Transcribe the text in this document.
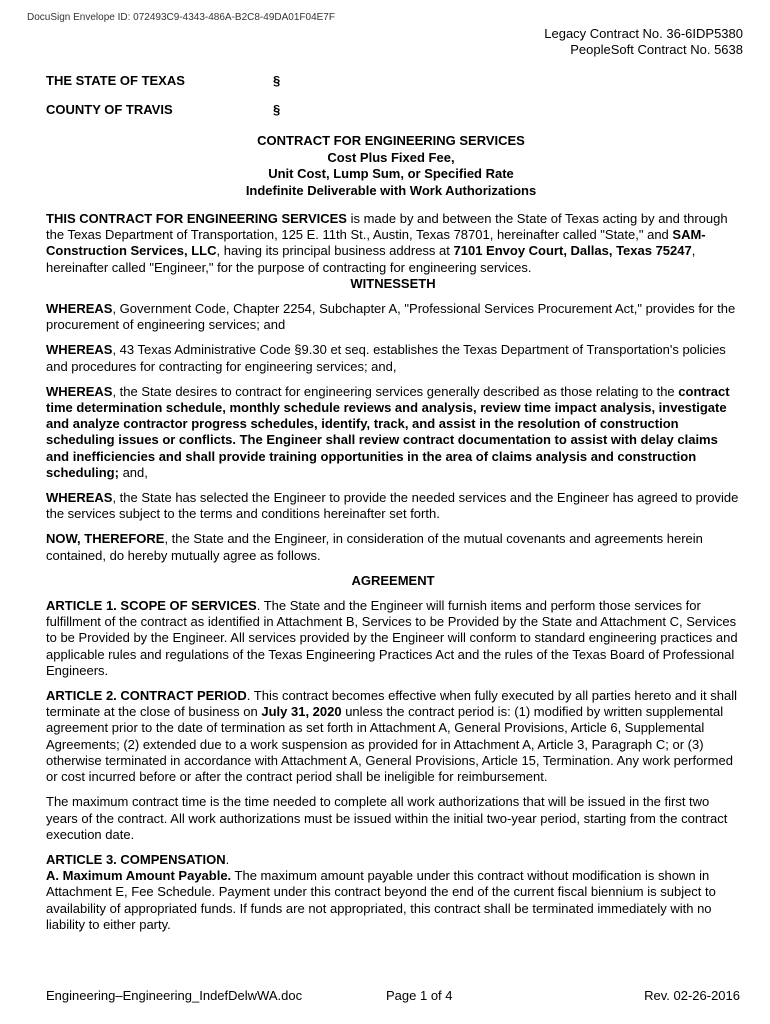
DocuSign Envelope ID: 072493C9-4343-486A-B2C8-49DA01F04E7F
Legacy Contract No. 36-6IDP5380
PeopleSoft Contract No. 5638
THE STATE OF TEXAS	§
COUNTY OF TRAVIS	§
CONTRACT FOR ENGINEERING SERVICES
Cost Plus Fixed Fee,
Unit Cost, Lump Sum, or Specified Rate
Indefinite Deliverable with Work Authorizations

THIS CONTRACT FOR ENGINEERING SERVICES is made by and between the State of Texas acting by and through the Texas Department of Transportation, 125 E. 11th St., Austin, Texas 78701, hereinafter called "State," and SAM-Construction Services, LLC, having its principal business address at 7101 Envoy Court, Dallas, Texas 75247, hereinafter called "Engineer," for the purpose of contracting for engineering services.

WITNESSETH

WHEREAS, Government Code, Chapter 2254, Subchapter A, "Professional Services Procurement Act," provides for the procurement of engineering services; and

WHEREAS, 43 Texas Administrative Code §9.30 et seq. establishes the Texas Department of Transportation's policies and procedures for contracting for engineering services; and,

WHEREAS, the State desires to contract for engineering services generally described as those relating to the contract time determination schedule, monthly schedule reviews and analysis, review time impact analysis, investigate and analyze contractor progress schedules, identify, track, and assist in the resolution of construction scheduling issues or conflicts. The Engineer shall review contract documentation to assist with delay claims and inefficiencies and shall provide training opportunities in the area of claims analysis and construction scheduling; and,

WHEREAS, the State has selected the Engineer to provide the needed services and the Engineer has agreed to provide the services subject to the terms and conditions hereinafter set forth.

NOW, THEREFORE, the State and the Engineer, in consideration of the mutual covenants and agreements herein contained, do hereby mutually agree as follows.

AGREEMENT

ARTICLE 1. SCOPE OF SERVICES. The State and the Engineer will furnish items and perform those services for fulfillment of the contract as identified in Attachment B, Services to be Provided by the State and Attachment C, Services to be Provided by the Engineer. All services provided by the Engineer will conform to standard engineering practices and applicable rules and regulations of the Texas Engineering Practices Act and the rules of the Texas Board of Professional Engineers.

ARTICLE 2. CONTRACT PERIOD. This contract becomes effective when fully executed by all parties hereto and it shall terminate at the close of business on July 31, 2020 unless the contract period is: (1) modified by written supplemental agreement prior to the date of termination as set forth in Attachment A, General Provisions, Article 6, Supplemental Agreements; (2) extended due to a work suspension as provided for in Attachment A, Article 3, Paragraph C; or (3) otherwise terminated in accordance with Attachment A, General Provisions, Article 15, Termination. Any work performed or cost incurred before or after the contract period shall be ineligible for reimbursement.

The maximum contract time is the time needed to complete all work authorizations that will be issued in the first two years of the contract. All work authorizations must be issued within the initial two-year period, starting from the contract execution date.

ARTICLE 3. COMPENSATION.
A. Maximum Amount Payable. The maximum amount payable under this contract without modification is shown in Attachment E, Fee Schedule. Payment under this contract beyond the end of the current fiscal biennium is subject to availability of appropriated funds. If funds are not appropriated, this contract shall be terminated immediately with no liability to either party.

Engineering–Engineering_IndefDelwWA.doc	Page 1 of 4	Rev. 02-26-2016
